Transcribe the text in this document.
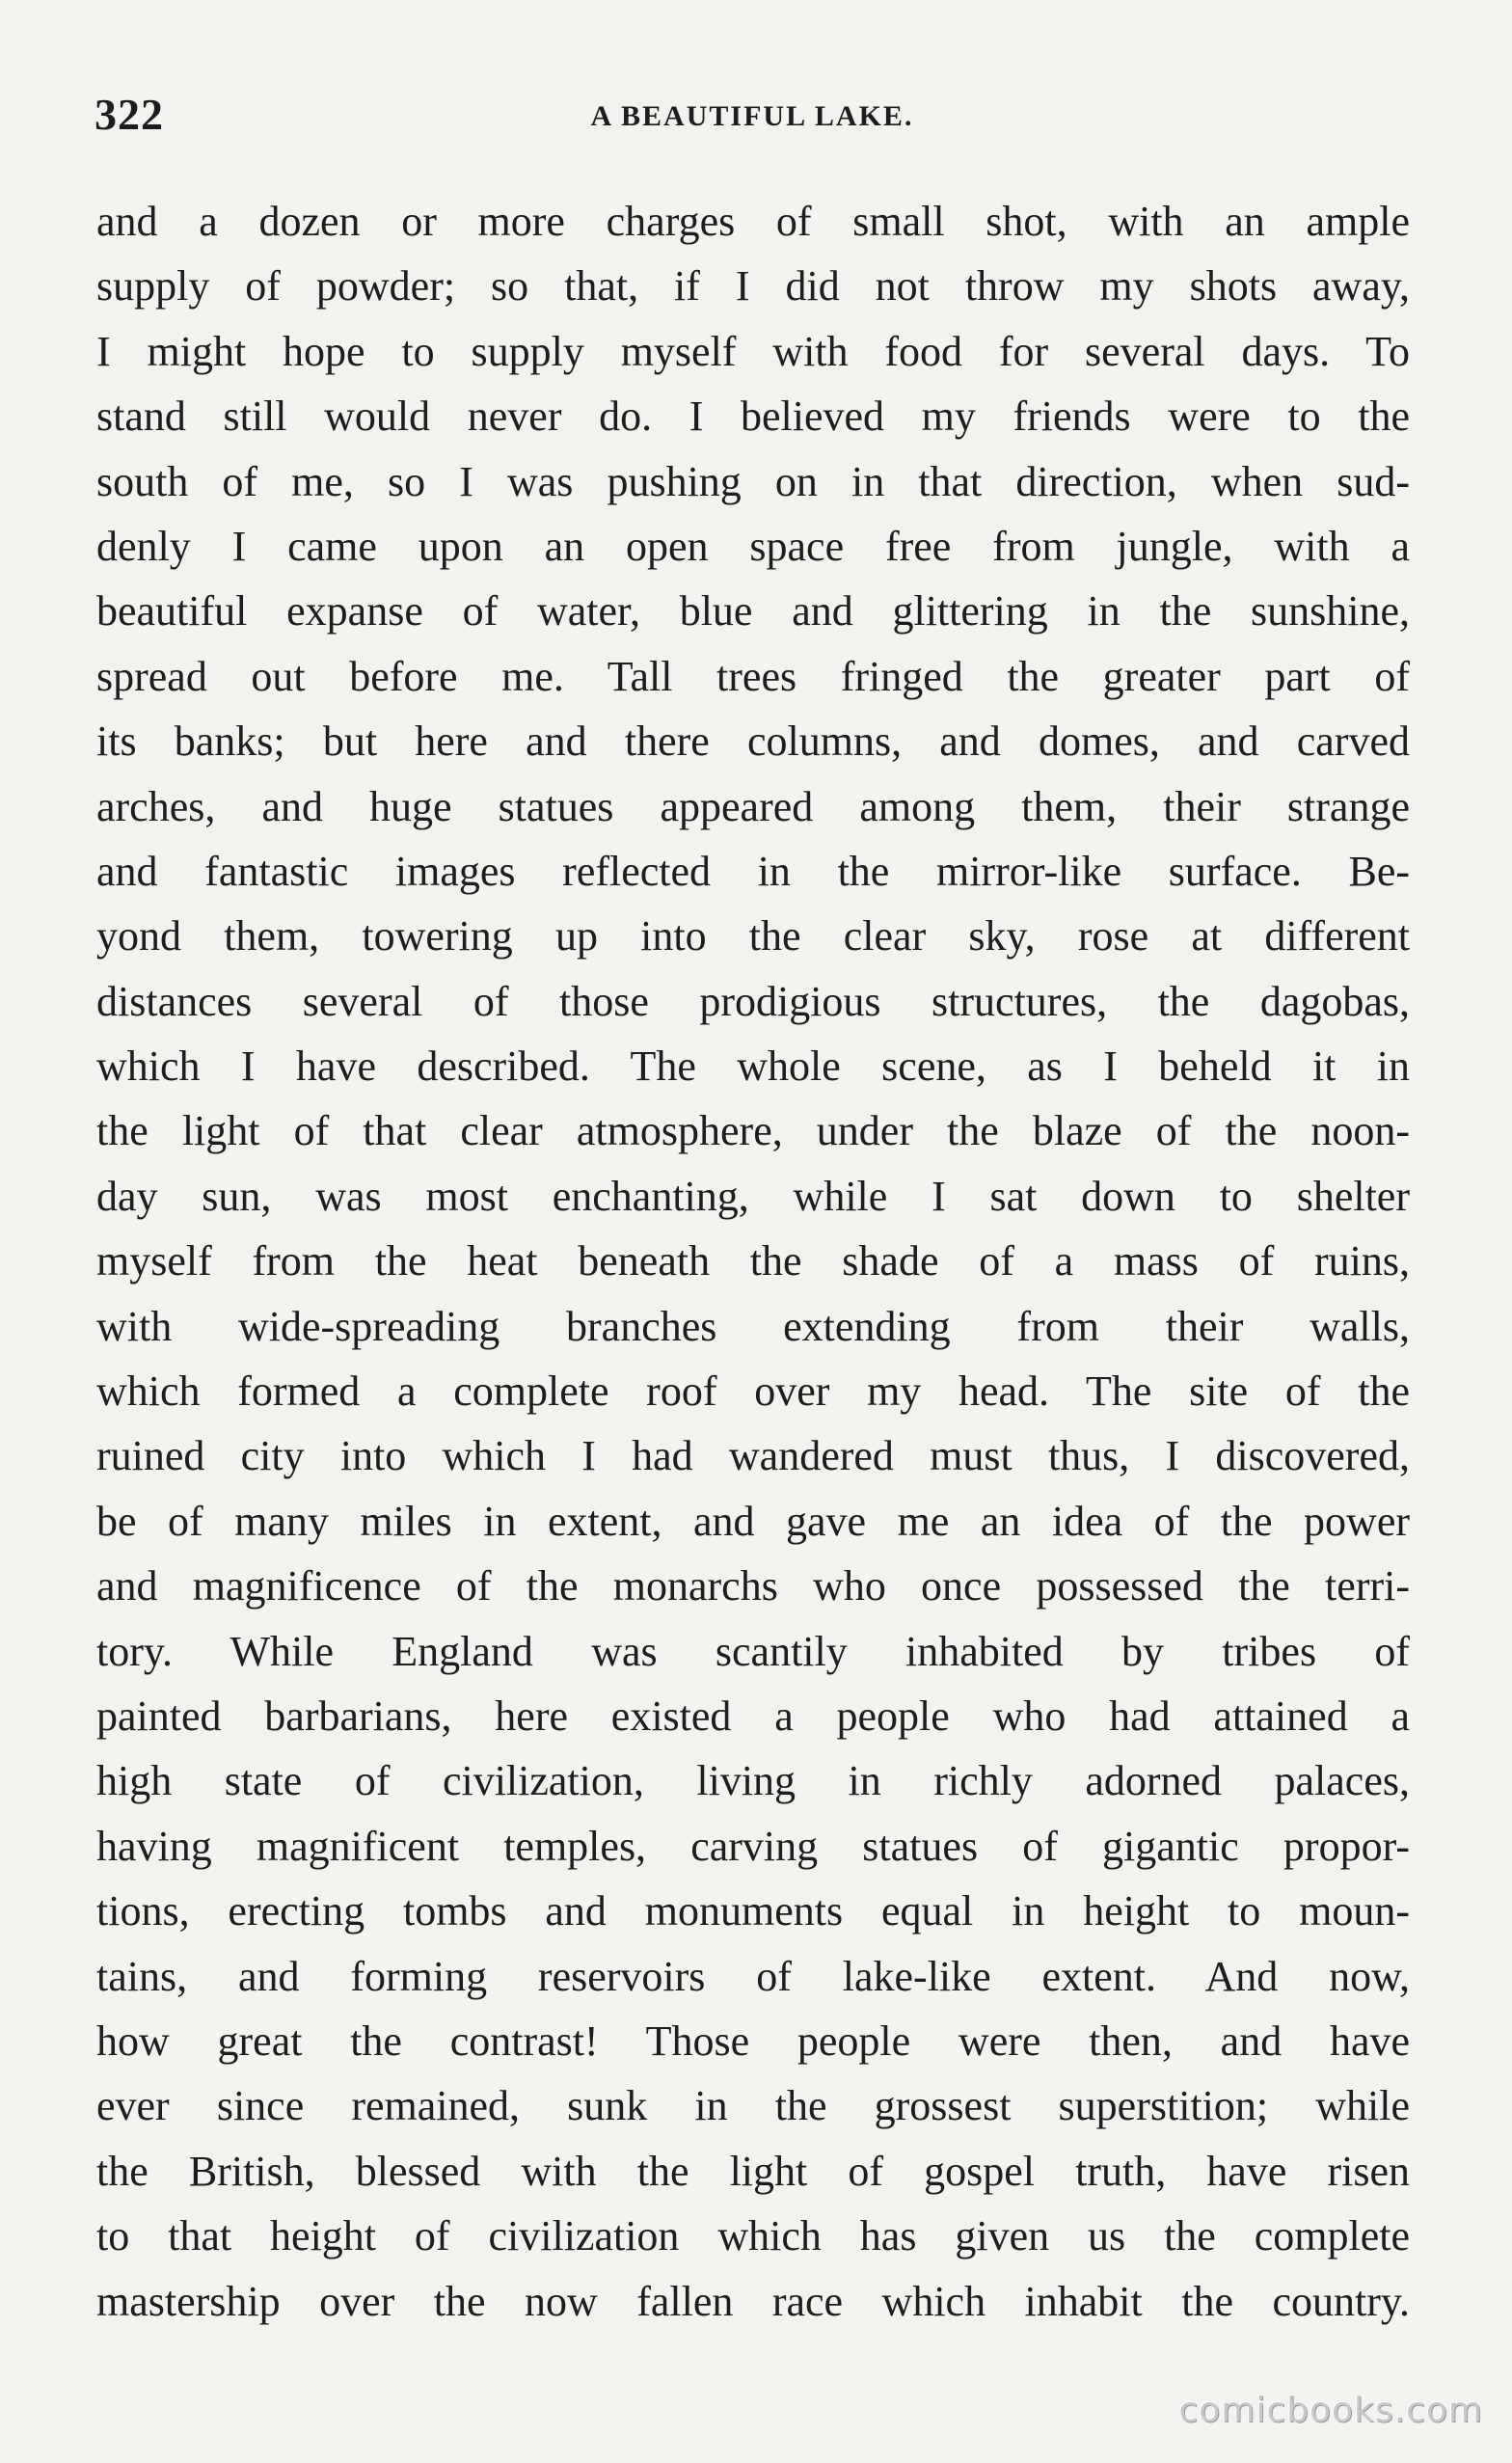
322	A BEAUTIFUL LAKE.
and a dozen or more charges of small shot, with an ample
supply of powder; so that, if I did not throw my shots away,
I might hope to supply myself with food for several days. To
stand still would never do. I believed my friends were to the
south of me, so I was pushing on in that direction, when sud-
denly I came upon an open space free from jungle, with a
beautiful expanse of water, blue and glittering in the sunshine,
spread out before me. Tall trees fringed the greater part of
its banks; but here and there columns, and domes, and carved
arches, and huge statues appeared among them, their strange
and fantastic images reflected in the mirror-like surface. Be-
yond them, towering up into the clear sky, rose at different
distances several of those prodigious structures, the dagobas,
which I have described. The whole scene, as I beheld it in
the light of that clear atmosphere, under the blaze of the noon-
day sun, was most enchanting, while I sat down to shelter
myself from the heat beneath the shade of a mass of ruins,
with wide-spreading branches extending from their walls,
which formed a complete roof over my head. The site of the
ruined city into which I had wandered must thus, I discovered,
be of many miles in extent, and gave me an idea of the power
and magnificence of the monarchs who once possessed the terri-
tory. While England was scantily inhabited by tribes of
painted barbarians, here existed a people who had attained a
high state of civilization, living in richly adorned palaces,
having magnificent temples, carving statues of gigantic propor-
tions, erecting tombs and monuments equal in height to moun-
tains, and forming reservoirs of lake-like extent. And now,
how great the contrast! Those people were then, and have
ever since remained, sunk in the grossest superstition; while
the British, blessed with the light of gospel truth, have risen
to that height of civilization which has given us the complete
mastership over the now fallen race which inhabit the country.
comicbooks.com
